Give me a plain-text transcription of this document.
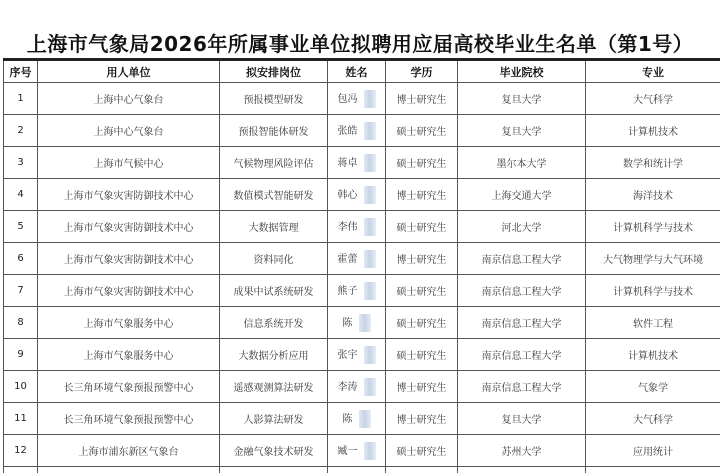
上海市气象局2026年所属事业单位拟聘用应届高校毕业生名单（第1号）
序号	用人单位	拟安排岗位	姓名	学历	毕业院校	专业
1	上海中心气象台	预报模型研发	包冯	博士研究生	复旦大学	大气科学
2	上海中心气象台	预报智能体研发	张皓	硕士研究生	复旦大学	计算机技术
3	上海市气候中心	气候物理风险评估	蒋卓	硕士研究生	墨尔本大学	数学和统计学
4	上海市气象灾害防御技术中心	数值模式智能研发	韩心	博士研究生	上海交通大学	海洋技术
5	上海市气象灾害防御技术中心	大数据管理	李伟	硕士研究生	河北大学	计算机科学与技术
6	上海市气象灾害防御技术中心	资料同化	霍蕾	博士研究生	南京信息工程大学	大气物理学与大气环境
7	上海市气象灾害防御技术中心	成果中试系统研发	熊子	硕士研究生	南京信息工程大学	计算机科学与技术
8	上海市气象服务中心	信息系统开发	陈	硕士研究生	南京信息工程大学	软件工程
9	上海市气象服务中心	大数据分析应用	张宇	硕士研究生	南京信息工程大学	计算机技术
10	长三角环境气象预报预警中心	遥感观测算法研发	李涛	博士研究生	南京信息工程大学	气象学
11	长三角环境气象预报预警中心	人影算法研发	陈	博士研究生	复旦大学	大气科学
12	上海市浦东新区气象台	金融气象技术研发	臧一	硕士研究生	苏州大学	应用统计
